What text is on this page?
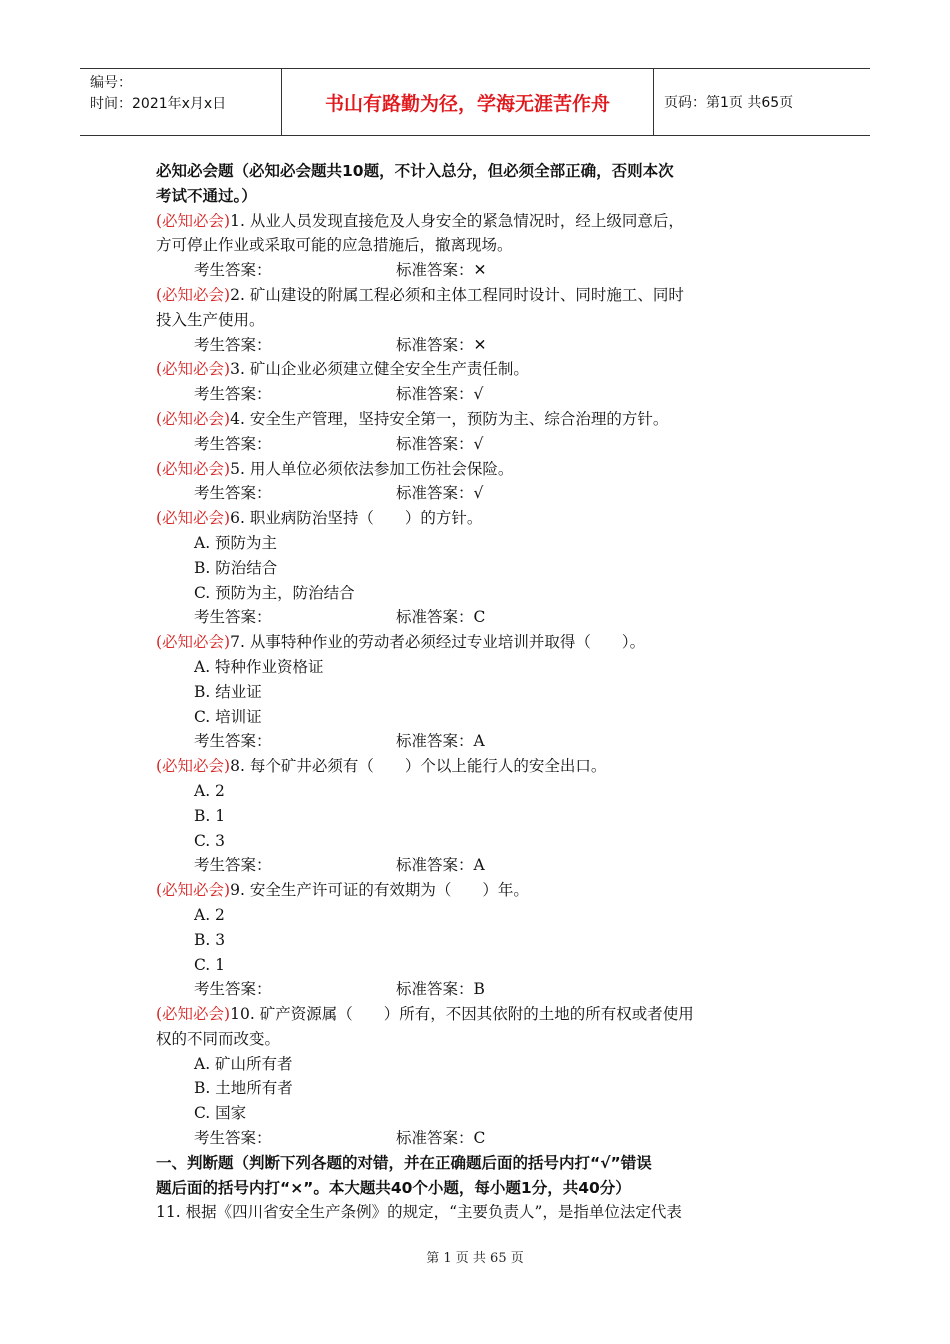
编号：
时间：2021年x月x日	书山有路勤为径，学海无涯苦作舟	页码：第1页 共65页
必知必会题（必知必会题共10题，不计入总分，但必须全部正确，否则本次
考试不通过。）
(必知必会)1. 从业人员发现直接危及人身安全的紧急情况时，经上级同意后，
方可停止作业或采取可能的应急措施后，撤离现场。
考生答案：	标准答案：✕
(必知必会)2. 矿山建设的附属工程必须和主体工程同时设计、同时施工、同时
投入生产使用。
考生答案：	标准答案：✕
(必知必会)3. 矿山企业必须建立健全安全生产责任制。
考生答案：	标准答案：√
(必知必会)4. 安全生产管理，坚持安全第一，预防为主、综合治理的方针。
考生答案：	标准答案：√
(必知必会)5. 用人单位必须依法参加工伤社会保险。
考生答案：	标准答案：√
(必知必会)6. 职业病防治坚持（　　）的方针。
A. 预防为主
B. 防治结合
C. 预防为主，防治结合
考生答案：	标准答案：C
(必知必会)7. 从事特种作业的劳动者必须经过专业培训并取得（　　）。
A. 特种作业资格证
B. 结业证
C. 培训证
考生答案：	标准答案：A
(必知必会)8. 每个矿井必须有（　　）个以上能行人的安全出口。
A. 2
B. 1
C. 3
考生答案：	标准答案：A
(必知必会)9. 安全生产许可证的有效期为（　　）年。
A. 2
B. 3
C. 1
考生答案：	标准答案：B
(必知必会)10. 矿产资源属（　　）所有，不因其依附的土地的所有权或者使用
权的不同而改变。
A. 矿山所有者
B. 土地所有者
C. 国家
考生答案：	标准答案：C
一、判断题（判断下列各题的对错，并在正确题后面的括号内打“√”错误
题后面的括号内打“×”。本大题共40个小题，每小题1分，共40分）
11. 根据《四川省安全生产条例》的规定，“主要负责人”，是指单位法定代表
第 1 页 共 65 页
